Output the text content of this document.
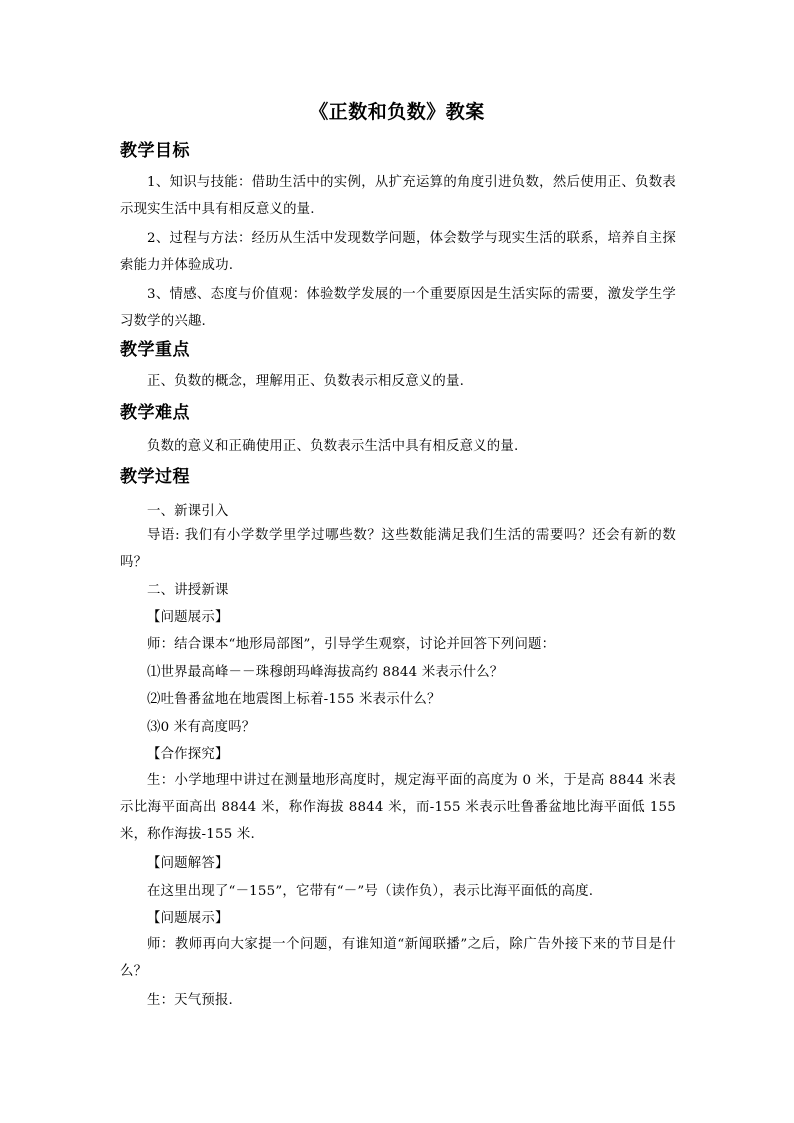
《正数和负数》教案
教学目标
1、知识与技能：借助生活中的实例，从扩充运算的角度引进负数，然后使用正、负数表示现实生活中具有相反意义的量.
2、过程与方法：经历从生活中发现数学问题，体会数学与现实生活的联系，培养自主探索能力并体验成功.
3、情感、态度与价值观：体验数学发展的一个重要原因是生活实际的需要，激发学生学习数学的兴趣.
教学重点
正、负数的概念，理解用正、负数表示相反意义的量.
教学难点
负数的意义和正确使用正、负数表示生活中具有相反意义的量.
教学过程
一、新课引入
导语: 我们有小学数学里学过哪些数？这些数能满足我们生活的需要吗？还会有新的数吗？
二、讲授新课
【问题展示】
师：结合课本“地形局部图”，引导学生观察，讨论并回答下列问题：
⑴世界最高峰－－珠穆朗玛峰海拔高约 8844 米表示什么？
⑵吐鲁番盆地在地震图上标着-155 米表示什么？
⑶0 米有高度吗？
【合作探究】
生：小学地理中讲过在测量地形高度时，规定海平面的高度为 0 米，于是高 8844 米表示比海平面高出 8844 米，称作海拔 8844 米，而-155 米表示吐鲁番盆地比海平面低 155 米，称作海拔-155 米.
【问题解答】
在这里出现了“－155”，它带有“－”号（读作负），表示比海平面低的高度.
【问题展示】
师：教师再向大家提一个问题，有谁知道“新闻联播”之后，除广告外接下来的节目是什么？
生：天气预报.
